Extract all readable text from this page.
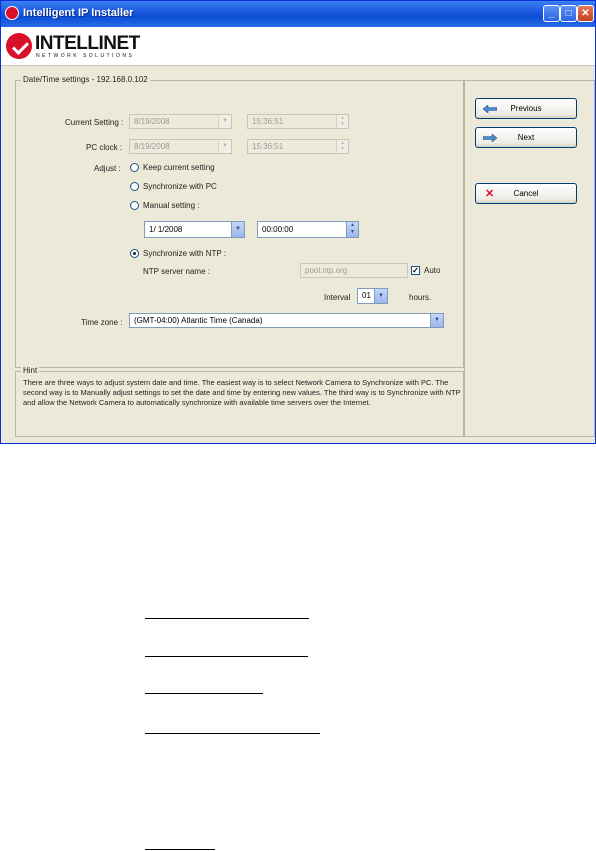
Intelligent IP Installer	_	□ ✕
INTELLINET
NETWORK SOLUTIONS
Date/Time settings - 192.168.0.102
Current Setting :	8/19/2008	▼	15:36:51	▲
▼
PC clock :	8/19/2008	▼	15:36:51	▲
▼
Adjust :	Keep current setting
Synchronize with PC
Manual setting :
1/ 1/2008	▼	00:00:00	▲
▼
Synchronize with NTP :
NTP server name :	pool.ntp.org	✓ Auto
Interval	01	▼	hours.
Time zone :	(GMT-04:00) Atlantic Time (Canada)	▼
Hint
There are three ways to adjust system date and time. The easiest way is to select Network Camera to Synchronize with PC. The second way is to Manually adjust settings to set the date and time by entering new values. The third way is to Synchronize with NTP and allow the Network Camera to automatically synchronize with available time servers over the Internet.
Previous
Next
✕	Cancel
